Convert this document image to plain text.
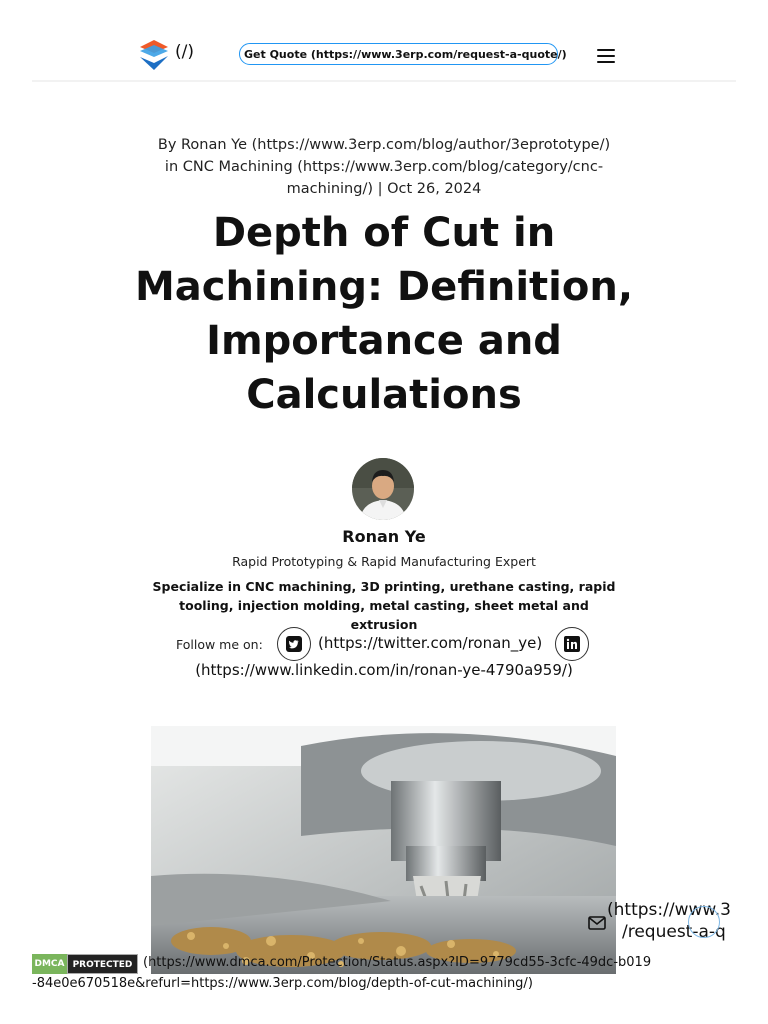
(/)	Get Quote (https://www.3erp.com/request-a-quote/)
By Ronan Ye (https://www.3erp.com/blog/author/3eprototype/) in CNC Machining (https://www.3erp.com/blog/category/cnc-machining/) | Oct 26, 2024
Depth of Cut in Machining: Definition, Importance and Calculations
Ronan Ye
Rapid Prototyping & Rapid Manufacturing Expert
Specialize in CNC machining, 3D printing, urethane casting, rapid tooling, injection molding, metal casting, sheet metal and extrusion
Follow me on:	(https://twitter.com/ronan_ye)
(https://www.linkedin.com/in/ronan-ye-4790a959/)
(https://www.3
/request-a-q
(https://www.dmca.com/Protection/Status.aspx?ID=9779cd55-3cfc-49dc-b019-84e0e670518e&refurl=https://www.3erp.com/blog/depth-of-cut-machining/)
DMCA PROTECTED
